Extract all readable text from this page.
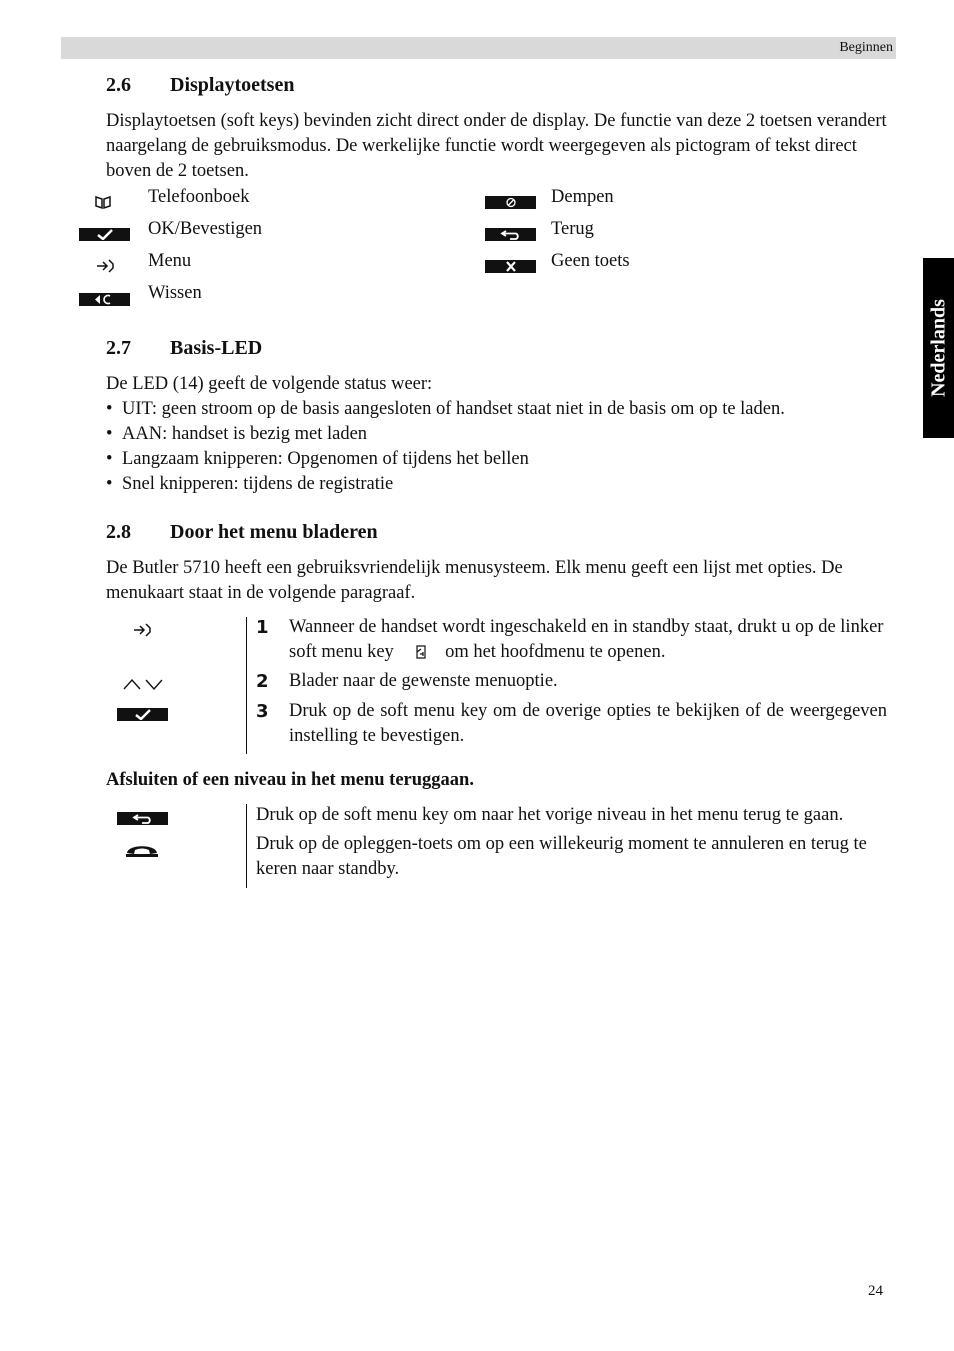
Beginnen
Nederlands
2.6 Displaytoetsen

Displaytoetsen (soft keys) bevinden zicht direct onder de display. De functie van deze 2 toetsen verandert naargelang de gebruiksmodus. De werkelijke functie wordt weergegeven als pictogram of tekst direct boven de 2 toetsen.

Telefoonboek
OK/Bevestigen
Menu
Wissen
Dempen
Terug
Geen toets
2.7 Basis-LED

De LED (14) geeft de volgende status weer:

• UIT: geen stroom op de basis aangesloten of handset staat niet in de basis om op te laden.
• AAN: handset is bezig met laden
• Langzaam knipperen: Opgenomen of tijdens het bellen
• Snel knipperen: tijdens de registratie
2.8 Door het menu bladeren

De Butler 5710 heeft een gebruiksvriendelijk menusysteem. Elk menu geeft een lijst met opties. De menukaart staat in de volgende paragraaf.

1 Wanneer de handset wordt ingeschakeld en in standby staat, drukt u op de linker soft menu key	om het hoofdmenu te openen.
2 Blader naar de gewenste menuoptie.
3 Druk op de soft menu key om de overige opties te bekijken of de weergegeven instelling te bevestigen.
Afsluiten of een niveau in het menu teruggaan.

Druk op de soft menu key om naar het vorige niveau in het menu terug te gaan.

Druk op de opleggen-toets om op een willekeurig moment te annuleren en terug te keren naar standby.

24
